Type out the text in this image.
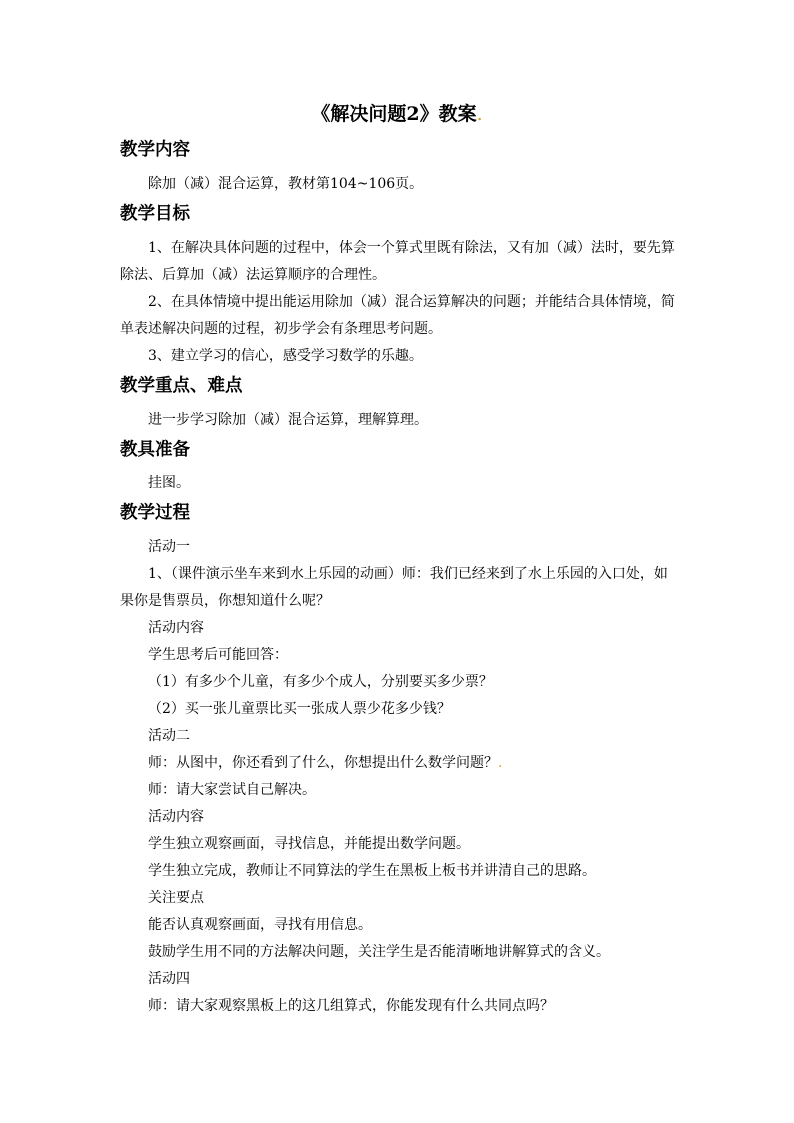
《解决问题2》教案.
教学内容
除加（减）混合运算，教材第104~106页。
教学目标
1、在解决具体问题的过程中，体会一个算式里既有除法，又有加（减）法时，要先算
除法、后算加（减）法运算顺序的合理性。
2、在具体情境中提出能运用除加（减）混合运算解决的问题；并能结合具体情境，简
单表述解决问题的过程，初步学会有条理思考问题。
3、建立学习的信心，感受学习数学的乐趣。
教学重点、难点
进一步学习除加（减）混合运算，理解算理。
教具准备
挂图。
教学过程
活动一
1、（课件演示坐车来到水上乐园的动画）师：我们已经来到了水上乐园的入口处，如
果你是售票员，你想知道什么呢？
活动内容
学生思考后可能回答：
（1）有多少个儿童，有多少个成人，分别要买多少票？
（2）买一张儿童票比买一张成人票少花多少钱？
活动二
师：从图中，你还看到了什么，你想提出什么数学问题？.
师：请大家尝试自己解决。
活动内容
学生独立观察画面，寻找信息，并能提出数学问题。
学生独立完成，教师让不同算法的学生在黑板上板书并讲清自己的思路。
关注要点
能否认真观察画面，寻找有用信息。
鼓励学生用不同的方法解决问题，关注学生是否能清晰地讲解算式的含义。
活动四
师：请大家观察黑板上的这几组算式，你能发现有什么共同点吗？
